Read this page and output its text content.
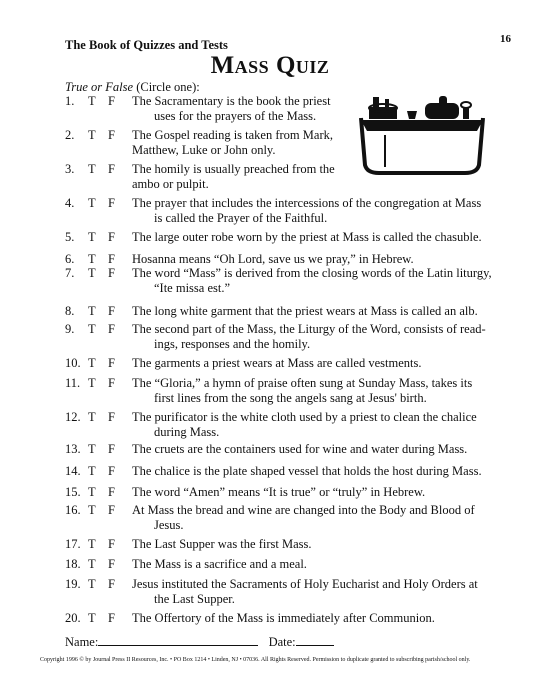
The Book of Quizzes and Tests	16
Mass Quiz
True or False (Circle one):
1. T F The Sacramentary is the book the priest
uses for the prayers of the Mass.
2. T F The Gospel reading is taken from Mark,
Matthew, Luke or John only.
3. T F The homily is usually preached from the
ambo or pulpit.
4. T F The prayer that includes the intercessions of the congregation at Mass
is called the Prayer of the Faithful.
5. T F The large outer robe worn by the priest at Mass is called the chasuble.
6. T F Hosanna means “Oh Lord, save us we pray,” in Hebrew.
7. T F The word “Mass” is derived from the closing words of the Latin liturgy,
“Ite missa est.”
8. T F The long white garment that the priest wears at Mass is called an alb.
9. T F The second part of the Mass, the Liturgy of the Word, consists of read-
ings, responses and the homily.
10. T F The garments a priest wears at Mass are called vestments.
11. T F The “Gloria,” a hymn of praise often sung at Sunday Mass, takes its
first lines from the song the angels sang at Jesus' birth.
12. T F The purificator is the white cloth used by a priest to clean the chalice
during Mass.
13. T F The cruets are the containers used for wine and water during Mass.
14. T F The chalice is the plate shaped vessel that holds the host during Mass.
15. T F The word “Amen” means “It is true” or “truly” in Hebrew.
16. T F At Mass the bread and wine are changed into the Body and Blood of
Jesus.
17. T F The Last Supper was the first Mass.
18. T F The Mass is a sacrifice and a meal.
19. T F Jesus instituted the Sacraments of Holy Eucharist and Holy Orders at
the Last Supper.
20. T F The Offertory of the Mass is immediately after Communion.
Name:	Date:
Copyright 1996 © by Journal Press II Resources, Inc. • PO Box 1214 • Linden, NJ • 07036. All Rights Reserved. Permission to duplicate granted to subscribing parish/school only.
